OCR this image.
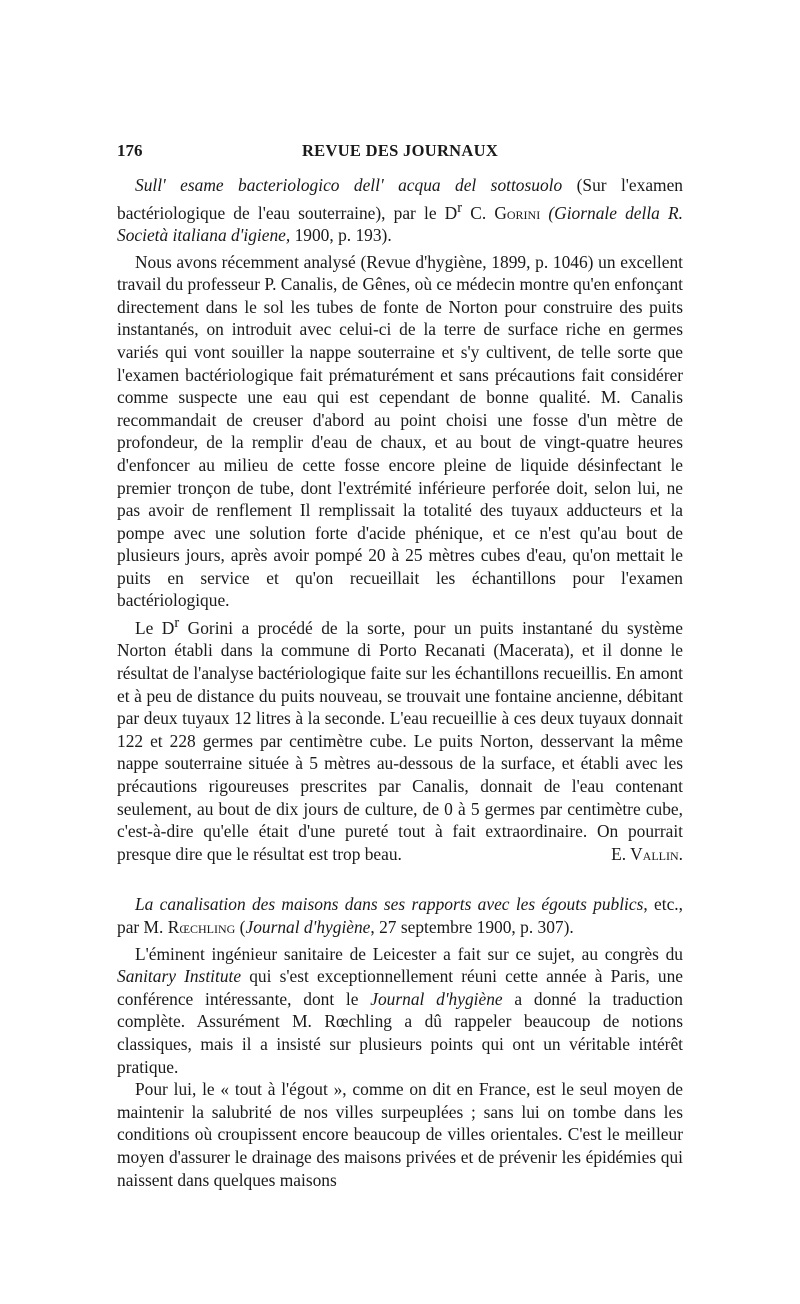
176	REVUE DES JOURNAUX

Sull' esame bacteriologico dell' acqua del sottosuolo (Sur l'examen bactériologique de l'eau souterraine), par le $D^r$ C. Gorini (Giornale della R. Società italiana d'igiene, 1900, p. 193).

Nous avons récemment analysé (Revue d'hygiène, 1899, p. 1046) un excellent travail du professeur P. Canalis, de Gênes, où ce médecin montre qu'en enfonçant directement dans le sol les tubes de fonte de Norton pour construire des puits instantanés, on introduit avec celui-ci de la terre de surface riche en germes variés qui vont souiller la nappe souterraine et s'y cultivent, de telle sorte que l'examen bactériologique fait prématurément et sans précautions fait considérer comme suspecte une eau qui est cependant de bonne qualité. M. Canalis recommandait de creuser d'abord au point choisi une fosse d'un mètre de profondeur, de la remplir d'eau de chaux, et au bout de vingt-quatre heures d'enfoncer au milieu de cette fosse encore pleine de liquide désinfectant le premier tronçon de tube, dont l'extrémité inférieure perforée doit, selon lui, ne pas avoir de renflement Il remplissait la totalité des tuyaux adducteurs et la pompe avec une solution forte d'acide phénique, et ce n'est qu'au bout de plusieurs jours, après avoir pompé 20 à 25 mètres cubes d'eau, qu'on mettait le puits en service et qu'on recueillait les échantillons pour l'examen bactériologique.

Le $D^r$ Gorini a procédé de la sorte, pour un puits instantané du système Norton établi dans la commune di Porto Recanati (Macerata), et il donne le résultat de l'analyse bactériologique faite sur les échantillons recueillis. En amont et à peu de distance du puits nouveau, se trouvait une fontaine ancienne, débitant par deux tuyaux 12 litres à la seconde. L'eau recueillie à ces deux tuyaux donnait 122 et 228 germes par centimètre cube. Le puits Norton, desservant la même nappe souterraine située à 5 mètres au-dessous de la surface, et établi avec les précautions rigoureuses prescrites par Canalis, donnait de l'eau contenant seulement, au bout de dix jours de culture, de 0 à 5 germes par centimètre cube, c'est-à-dire qu'elle était d'une pureté tout à fait extraordinaire. On pourrait presque dire que le résultat est trop beau.	E. Vallin.

La canalisation des maisons dans ses rapports avec les égouts publics, etc., par M. Rœchling (Journal d'hygiène, 27 septembre 1900, p. 307).

L'éminent ingénieur sanitaire de Leicester a fait sur ce sujet, au congrès du Sanitary Institute qui s'est exceptionnellement réuni cette année à Paris, une conférence intéressante, dont le Journal d'hygiène a donné la traduction complète. Assurément M. Rœchling a dû rappeler beaucoup de notions classiques, mais il a insisté sur plusieurs points qui ont un véritable intérêt pratique.

Pour lui, le « tout à l'égout », comme on dit en France, est le seul moyen de maintenir la salubrité de nos villes surpeuplées ; sans lui on tombe dans les conditions où croupissent encore beaucoup de villes orientales. C'est le meilleur moyen d'assurer le drainage des maisons privées et de prévenir les épidémies qui naissent dans quelques maisons
